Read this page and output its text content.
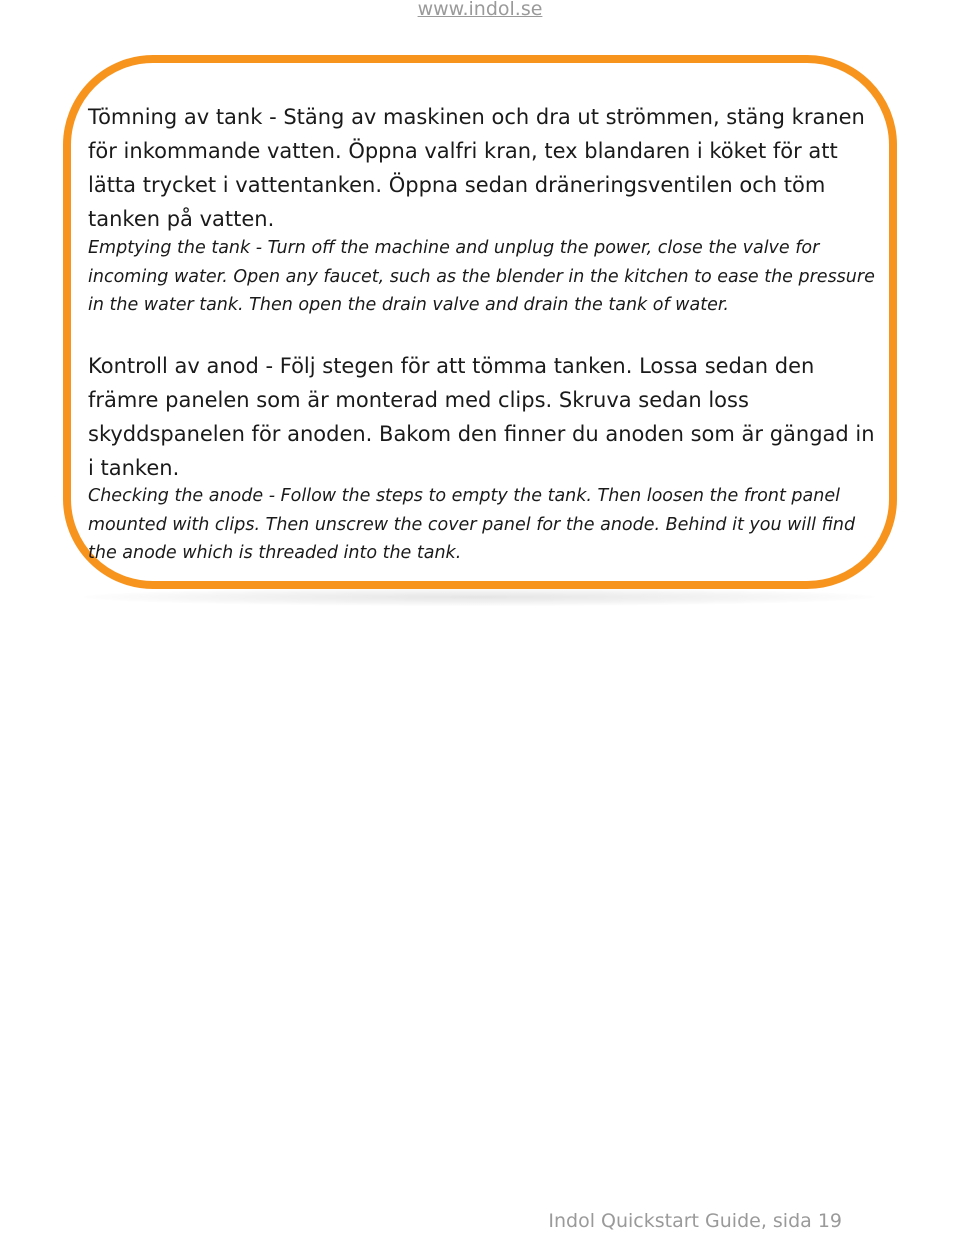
www.indol.se

Tömning av tank - Stäng av maskinen och dra ut strömmen, stäng kranen för inkommande vatten. Öppna valfri kran, tex blandaren i köket för att lätta trycket i vattentanken. Öppna sedan dräneringsventilen och töm tanken på vatten.

Emptying the tank - Turn off the machine and unplug the power, close the valve for incoming water. Open any faucet, such as the blender in the kitchen to ease the pressure in the water tank. Then open the drain valve and drain the tank of water.

Kontroll av anod - Följ stegen för att tömma tanken. Lossa sedan den främre panelen som är monterad med clips. Skruva sedan loss skyddspanelen för anoden. Bakom den finner du anoden som är gängad in i tanken.

Checking the anode - Follow the steps to empty the tank. Then loosen the front panel mounted with clips. Then unscrew the cover panel for the anode. Behind it you will find the anode which is threaded into the tank.

Indol Quickstart Guide, sida 19
